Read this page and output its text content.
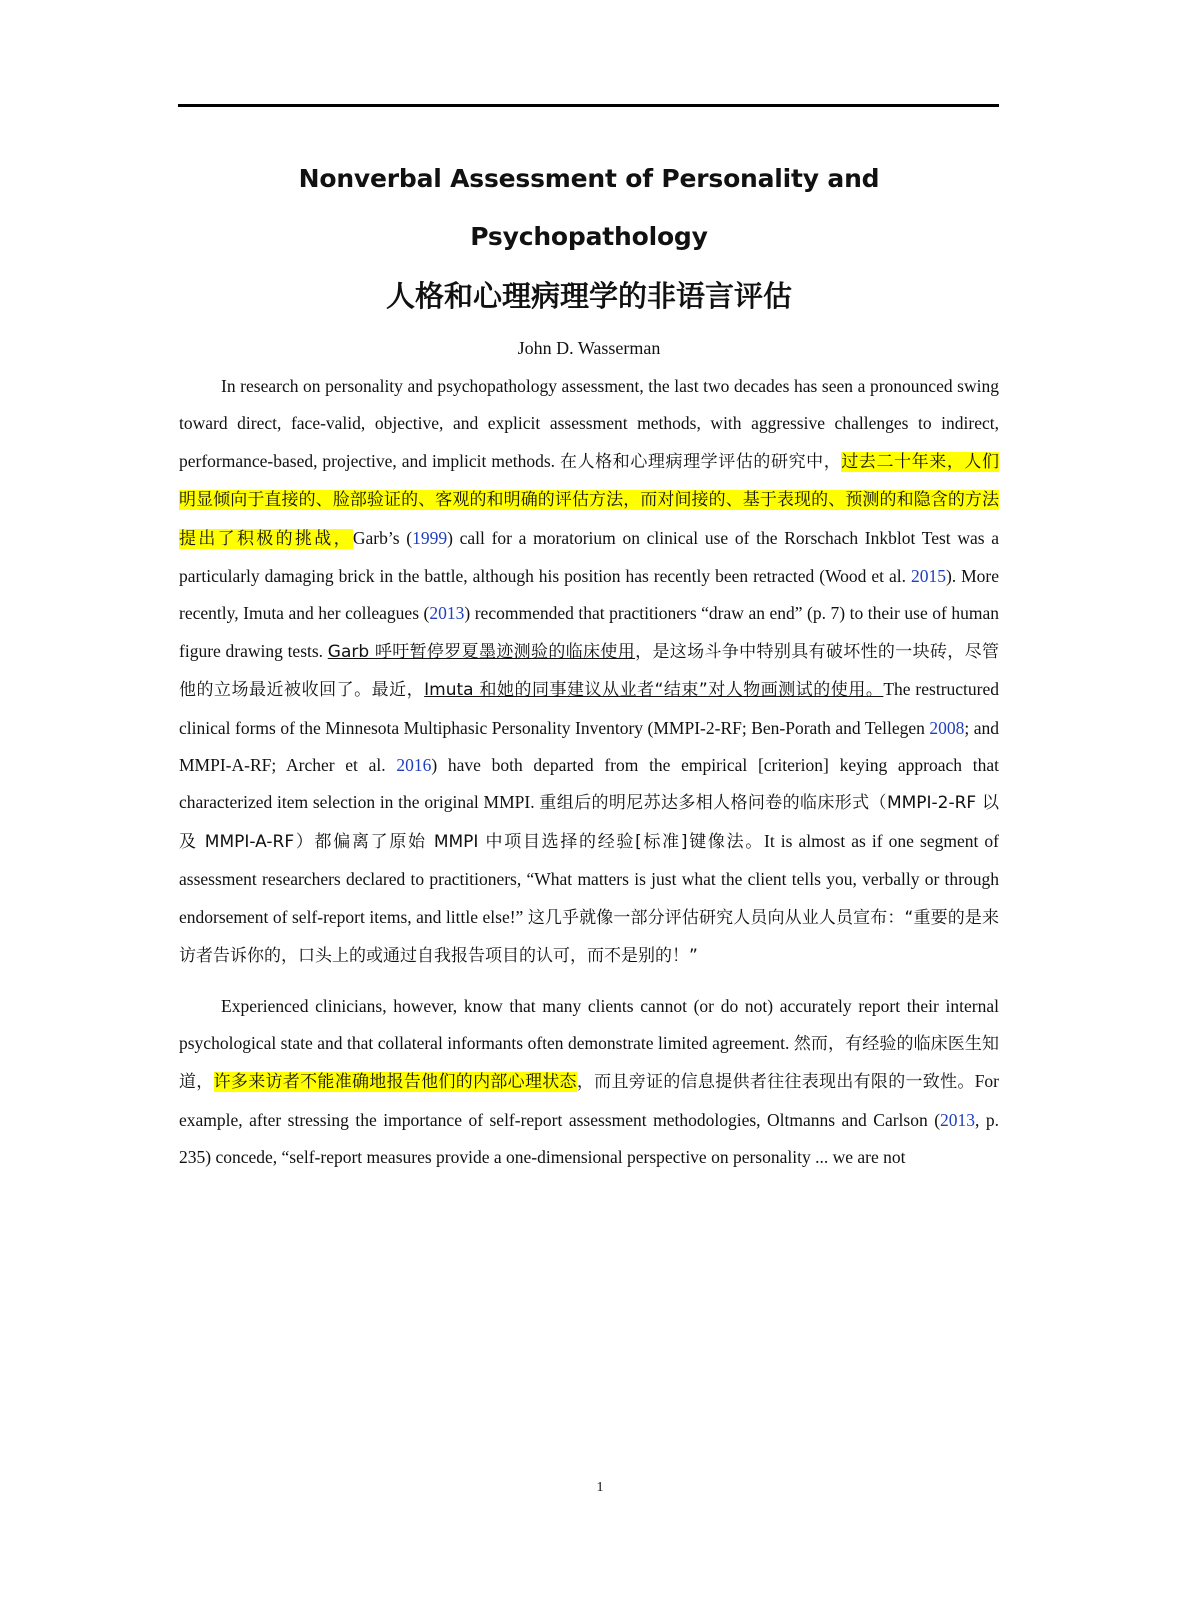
Nonverbal Assessment of Personality and
Psychopathology
人格和心理病理学的非语言评估
John D. Wasserman

In research on personality and psychopathology assessment, the last two decades has seen a pronounced swing toward direct, face-valid, objective, and explicit assessment methods, with aggressive challenges to indirect, performance-based, projective, and implicit methods. 在人格和心理病理学评估的研究中，过去二十年来，人们明显倾向于直接的、脸部验证的、客观的和明确的评估方法，而对间接的、基于表现的、预测的和隐含的方法提出了积极的挑战，Garb’s (1999) call for a moratorium on clinical use of the Rorschach Inkblot Test was a particularly damaging brick in the battle, although his position has recently been retracted (Wood et al. 2015). More recently, Imuta and her colleagues (2013) recommended that practitioners “draw an end” (p. 7) to their use of human figure drawing tests. Garb 呼吁暂停罗夏墨迹测验的临床使用，是这场斗争中特别具有破坏性的一块砖，尽管他的立场最近被收回了。最近，Imuta 和她的同事建议从业者“结束”对人物画测试的使用。The restructured clinical forms of the Minnesota Multiphasic Personality Inventory (MMPI-2-RF; Ben-Porath and Tellegen 2008; and MMPI-A-RF; Archer et al. 2016) have both departed from the empirical [criterion] keying approach that characterized item selection in the original MMPI. 重组后的明尼苏达多相人格问卷的临床形式（MMPI-2-RF 以及 MMPI-A-RF）都偏离了原始 MMPI 中项目选择的经验[标准]键像法。It is almost as if one segment of assessment researchers declared to practitioners, “What matters is just what the client tells you, verbally or through endorsement of self-report items, and little else!” 这几乎就像一部分评估研究人员向从业人员宣布：“重要的是来访者告诉你的，口头上的或通过自我报告项目的认可，而不是别的！”

Experienced clinicians, however, know that many clients cannot (or do not) accurately report their internal psychological state and that collateral informants often demonstrate limited agreement. 然而，有经验的临床医生知道，许多来访者不能准确地报告他们的内部心理状态，而且旁证的信息提供者往往表现出有限的一致性。For example, after stressing the importance of self-report assessment methodologies, Oltmanns and Carlson (2013, p. 235) concede, “self-report measures provide a one-dimensional perspective on personality ... we are not

1
